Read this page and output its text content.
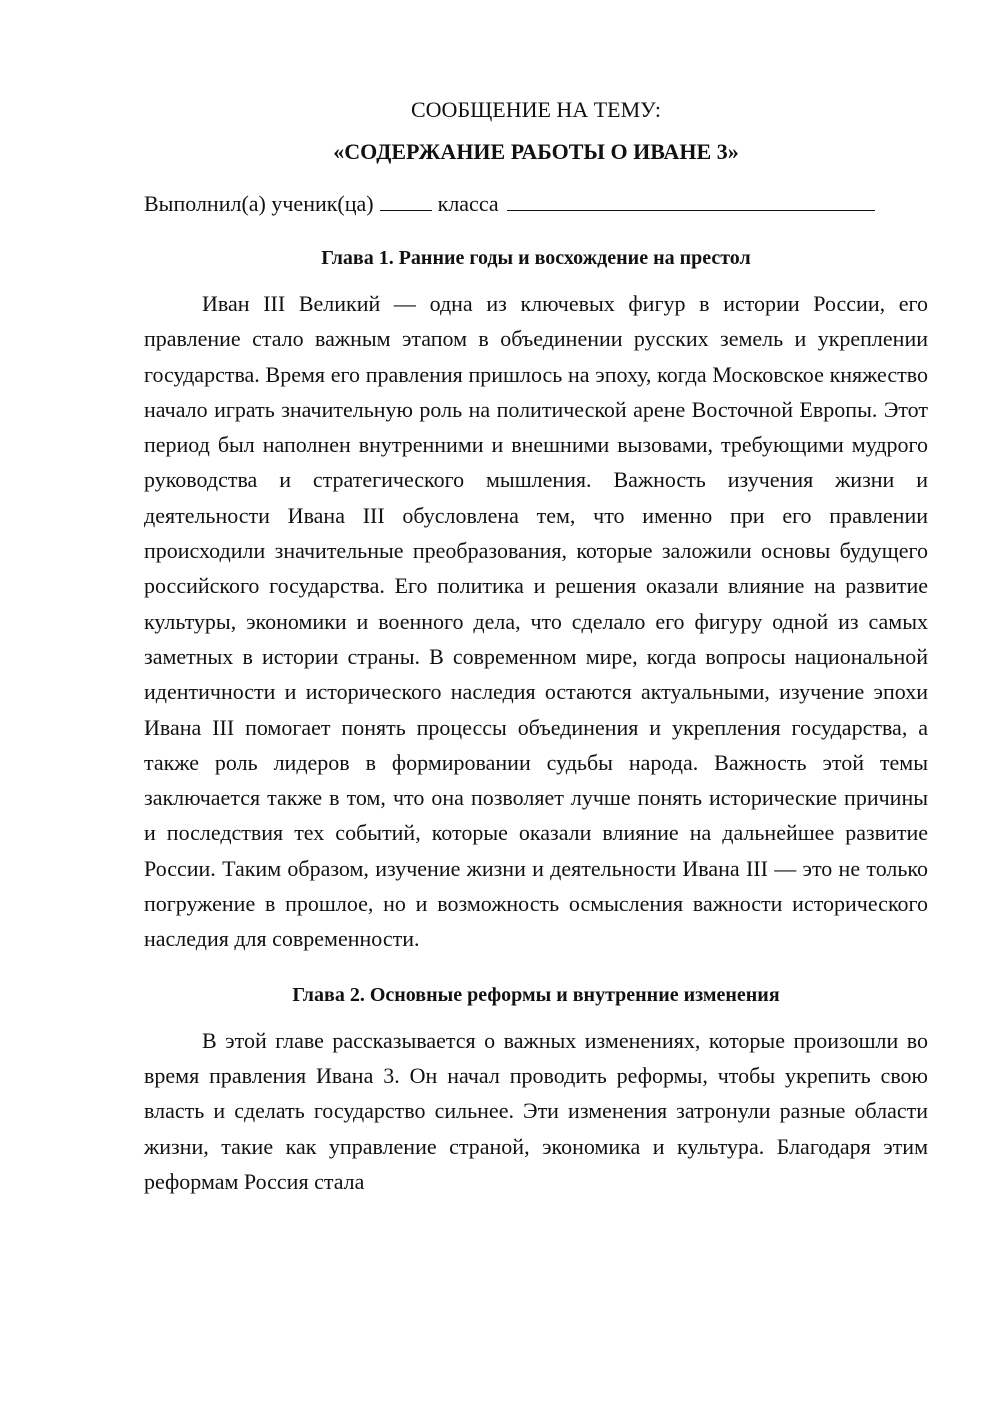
СООБЩЕНИЕ НА ТЕМУ:
«СОДЕРЖАНИЕ РАБОТЫ О ИВАНЕ 3»

Выполнил(а) ученик(ца)	класса

Глава 1. Ранние годы и восхождение на престол

Иван III Великий — одна из ключевых фигур в истории России, его правление стало важным этапом в объединении русских земель и укреплении государства. Время его правления пришлось на эпоху, когда Московское княжество начало играть значительную роль на политической арене Восточной Европы. Этот период был наполнен внутренними и внешними вызовами, требующими мудрого руководства и стратегического мышления. Важность изучения жизни и деятельности Ивана III обусловлена тем, что именно при его правлении происходили значительные преобразования, которые заложили основы будущего российского государства. Его политика и решения оказали влияние на развитие культуры, экономики и военного дела, что сделало его фигуру одной из самых заметных в истории страны. В современном мире, когда вопросы национальной идентичности и исторического наследия остаются актуальными, изучение эпохи Ивана III помогает понять процессы объединения и укрепления государства, а также роль лидеров в формировании судьбы народа. Важность этой темы заключается также в том, что она позволяет лучше понять исторические причины и последствия тех событий, которые оказали влияние на дальнейшее развитие России. Таким образом, изучение жизни и деятельности Ивана III — это не только погружение в прошлое, но и возможность осмысления важности исторического наследия для современности.

Глава 2. Основные реформы и внутренние изменения

В этой главе рассказывается о важных изменениях, которые произошли во время правления Ивана 3. Он начал проводить реформы, чтобы укрепить свою власть и сделать государство сильнее. Эти изменения затронули разные области жизни, такие как управление страной, экономика и культура. Благодаря этим реформам Россия стала
